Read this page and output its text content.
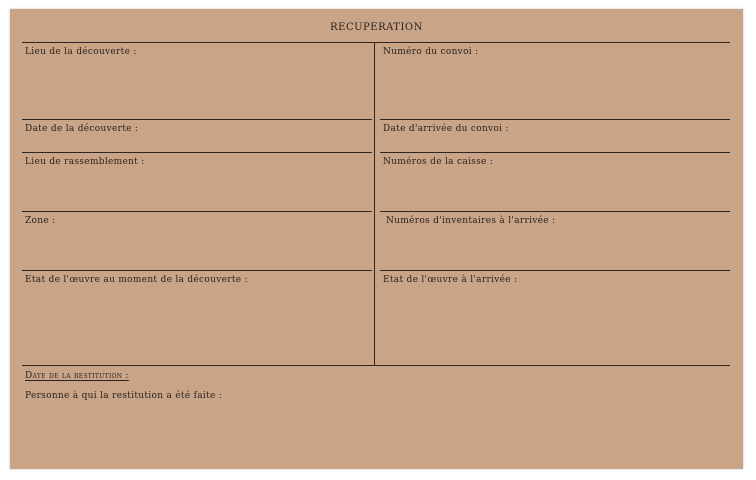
RECUPERATION
Lieu de la découverte :
Date de la découverte :
Lieu de rassemblement :
Zone :
Etat de l'œuvre au moment de la découverte :
Numéro du convoi :
Date d'arrivée du convoi :
Numéros de la caisse :
Numéros d'inventaires à l'arrivée :
Etat de l'œuvre à l'arrivée :
Date de la restitution :
Personne à qui la restitution a été faite :
